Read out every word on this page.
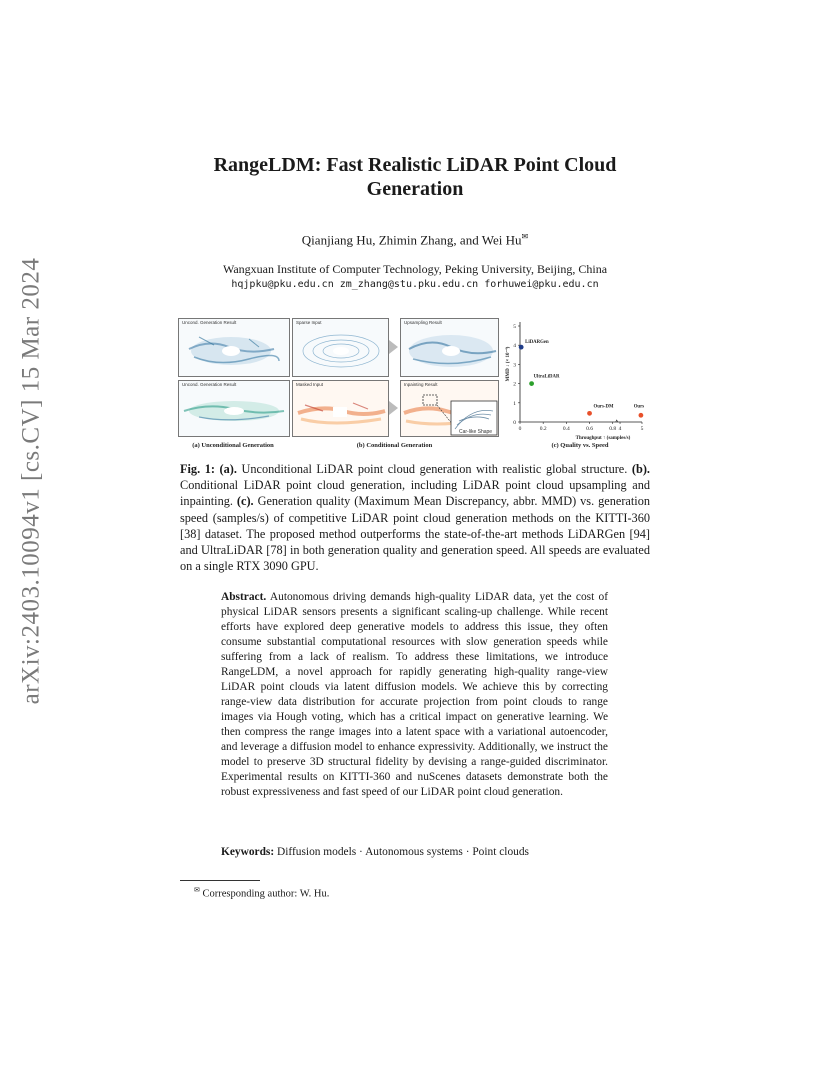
arXiv:2403.10094v1 [cs.CV] 15 Mar 2024
RangeLDM: Fast Realistic LiDAR Point Cloud
Generation
Qianjiang Hu, Zhimin Zhang, and Wei Hu✉
Wangxuan Institute of Computer Technology, Peking University, Beijing, China
hqjpku@pku.edu.cn zm_zhang@stu.pku.edu.cn forhuwei@pku.edu.cn
Uncond. Generation Result
Uncond. Generation Result
(a) Unconditional Generation
Sparse Input	Upsampling Result
Masked Input	Inpainting Result
Car-like Shape
(b) Conditional Generation
0	0.2	0.4	0.6	0.8 4	5
0
1
2
3
4
5
Throughput ↑ (samples/s)
MMD ↓ (× 10⁻⁴)
LiDARGen
UltraLiDAR
Ours-DM	Ours
(c) Quality vs. Speed
Fig. 1: (a). Unconditional LiDAR point cloud generation with realistic global structure. (b). Conditional LiDAR point cloud generation, including LiDAR point cloud upsampling and inpainting. (c). Generation quality (Maximum Mean Discrepancy, abbr. MMD) vs. generation speed (samples/s) of competitive LiDAR point cloud generation methods on the KITTI-360 [38] dataset. The proposed method outperforms the state-of-the-art methods LiDARGen [94] and UltraLiDAR [78] in both generation quality and generation speed. All speeds are evaluated on a single RTX 3090 GPU.
Abstract. Autonomous driving demands high-quality LiDAR data, yet the cost of physical LiDAR sensors presents a significant scaling-up challenge. While recent efforts have explored deep generative models to address this issue, they often consume substantial computational resources with slow generation speeds while suffering from a lack of realism. To address these limitations, we introduce RangeLDM, a novel approach for rapidly generating high-quality range-view LiDAR point clouds via latent diffusion models. We achieve this by correcting range-view data distribution for accurate projection from point clouds to range images via Hough voting, which has a critical impact on generative learning. We then compress the range images into a latent space with a variational autoencoder, and leverage a diffusion model to enhance expressivity. Additionally, we instruct the model to preserve 3D structural fidelity by devising a range-guided discriminator. Experimental results on KITTI-360 and nuScenes datasets demonstrate both the robust expressiveness and fast speed of our LiDAR point cloud generation.
Keywords: Diffusion models · Autonomous systems · Point clouds
✉ Corresponding author: W. Hu.
